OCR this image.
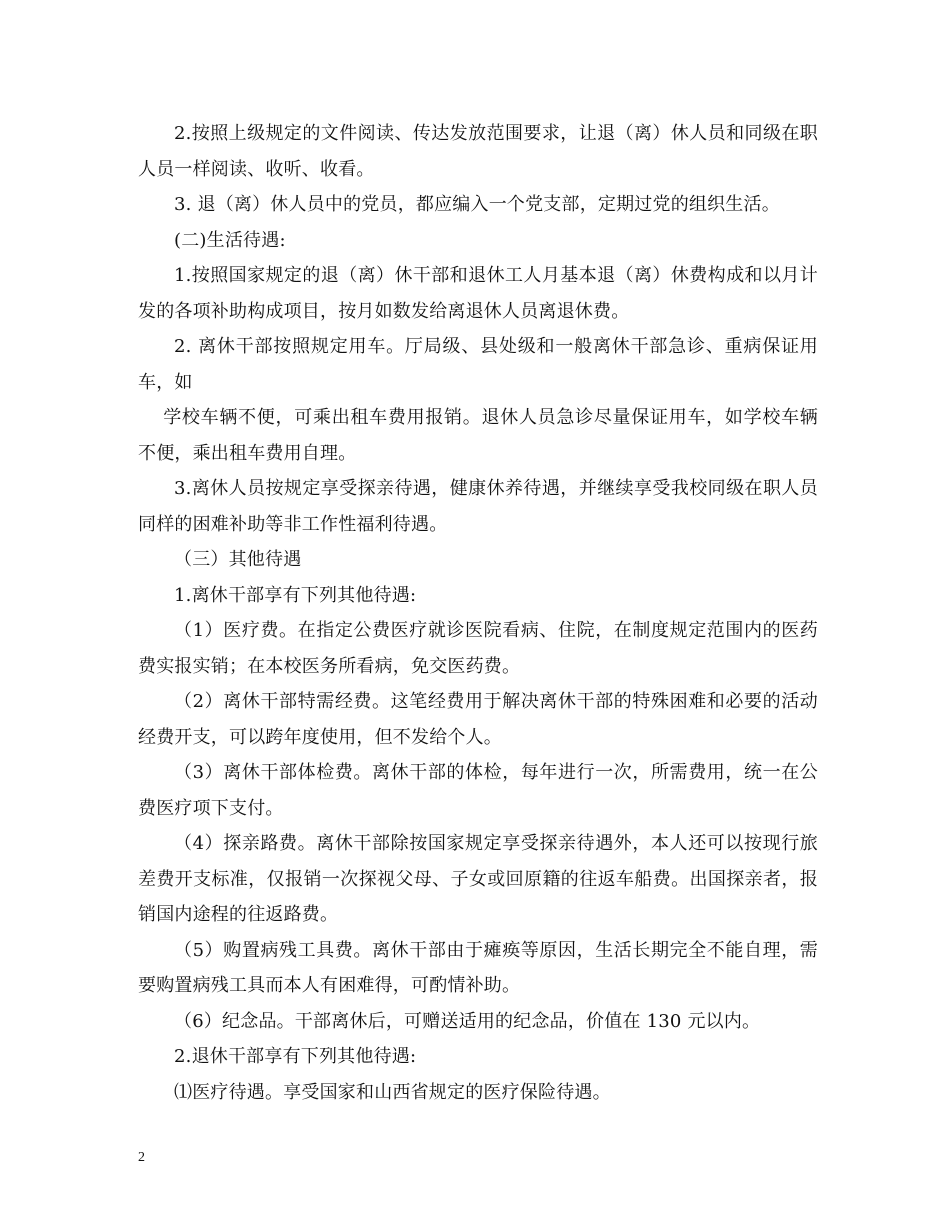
2.按照上级规定的文件阅读、传达发放范围要求，让退（离）休人员和同级在职人员一样阅读、收听、收看。

3. 退（离）休人员中的党员，都应编入一个党支部，定期过党的组织生活。

(二)生活待遇:

1.按照国家规定的退（离）休干部和退休工人月基本退（离）休费构成和以月计发的各项补助构成项目，按月如数发给离退休人员离退休费。

2. 离休干部按照规定用车。厅局级、县处级和一般离休干部急诊、重病保证用车，如

学校车辆不便，可乘出租车费用报销。退休人员急诊尽量保证用车，如学校车辆不便，乘出租车费用自理。

3.离休人员按规定享受探亲待遇，健康休养待遇，并继续享受我校同级在职人员同样的困难补助等非工作性福利待遇。

（三）其他待遇

1.离休干部享有下列其他待遇:

（1）医疗费。在指定公费医疗就诊医院看病、住院，在制度规定范围内的医药费实报实销；在本校医务所看病，免交医药费。

（2）离休干部特需经费。这笔经费用于解决离休干部的特殊困难和必要的活动经费开支，可以跨年度使用，但不发给个人。

（3）离休干部体检费。离休干部的体检，每年进行一次，所需费用，统一在公费医疗项下支付。

（4）探亲路费。离休干部除按国家规定享受探亲待遇外，本人还可以按现行旅差费开支标准，仅报销一次探视父母、子女或回原籍的往返车船费。出国探亲者，报销国内途程的往返路费。

（5）购置病残工具费。离休干部由于瘫痪等原因，生活长期完全不能自理，需要购置病残工具而本人有困难得，可酌情补助。

（6）纪念品。干部离休后，可赠送适用的纪念品，价值在 130 元以内。

2.退休干部享有下列其他待遇:

⑴医疗待遇。享受国家和山西省规定的医疗保险待遇。

2
